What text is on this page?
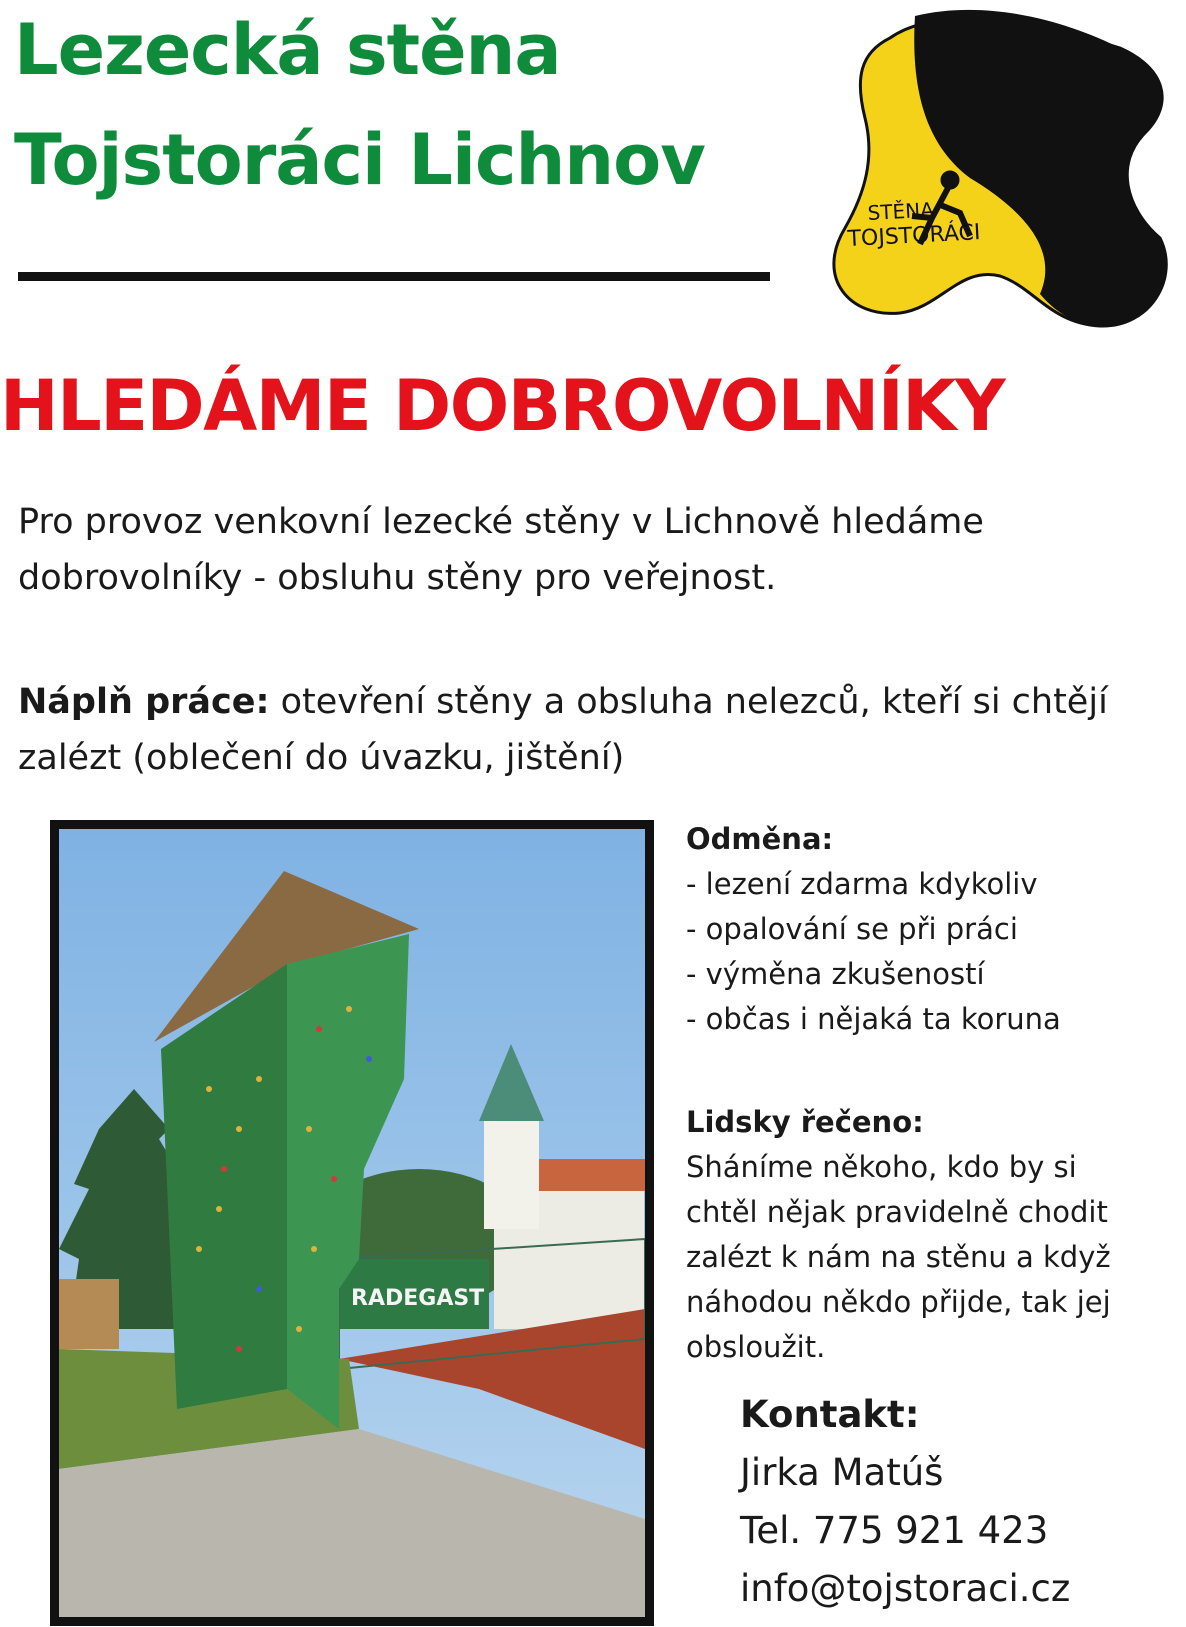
Lezecká stěna
Tojstoráci Lichnov
STĚNA
TOJSTORÁCI
HLEDÁME DOBROVOLNÍKY

Pro provoz venkovní lezecké stěny v Lichnově hledáme dobrovolníky - obsluhu stěny pro veřejnost.

Náplň práce: otevření stěny a obsluha nelezců, kteří si chtějí zalézt (oblečení do úvazku, jištění)

RADEGAST
Odměna:
- lezení zdarma kdykoliv
- opalování se při práci
- výměna zkušeností
- občas i nějaká ta koruna
Lidsky řečeno:
Sháníme někoho, kdo by si
chtěl nějak pravidelně chodit
zalézt k nám na stěnu a když
náhodou někdo přijde, tak jej
obsloužit.
Kontakt:
Jirka Matúš
Tel. 775 921 423
info@tojstoraci.cz
